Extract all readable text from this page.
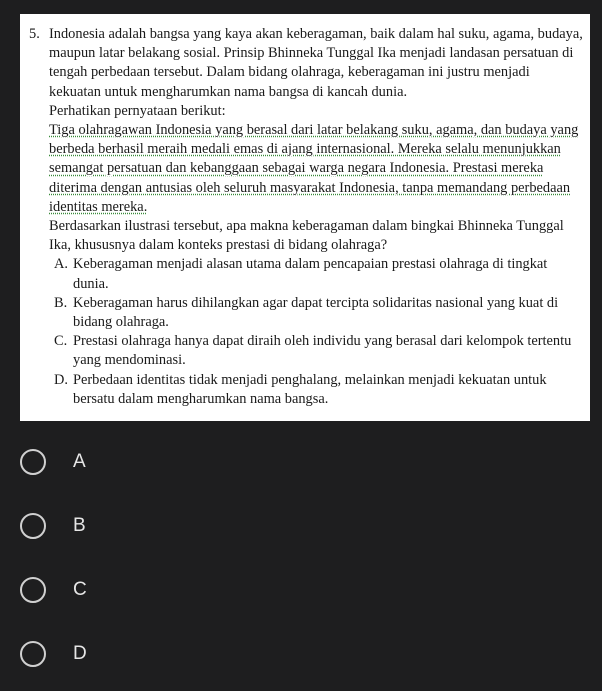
5. Indonesia adalah bangsa yang kaya akan keberagaman, baik dalam hal suku, agama, budaya, maupun latar belakang sosial. Prinsip Bhinneka Tunggal Ika menjadi landasan persatuan di tengah perbedaan tersebut. Dalam bidang olahraga, keberagaman ini justru menjadi kekuatan untuk mengharumkan nama bangsa di kancah dunia.

Perhatikan pernyataan berikut:

Tiga olahragawan Indonesia yang berasal dari latar belakang suku, agama, dan budaya yang berbeda berhasil meraih medali emas di ajang internasional. Mereka selalu menunjukkan semangat persatuan dan kebanggaan sebagai warga negara Indonesia. Prestasi mereka diterima dengan antusias oleh seluruh masyarakat Indonesia, tanpa memandang perbedaan identitas mereka.

Berdasarkan ilustrasi tersebut, apa makna keberagaman dalam bingkai Bhinneka Tunggal Ika, khususnya dalam konteks prestasi di bidang olahraga?

A. Keberagaman menjadi alasan utama dalam pencapaian prestasi olahraga di tingkat dunia.
B. Keberagaman harus dihilangkan agar dapat tercipta solidaritas nasional yang kuat di bidang olahraga.
C. Prestasi olahraga hanya dapat diraih oleh individu yang berasal dari kelompok tertentu yang mendominasi.
D. Perbedaan identitas tidak menjadi penghalang, melainkan menjadi kekuatan untuk bersatu dalam mengharumkan nama bangsa.
A
B
C
D
